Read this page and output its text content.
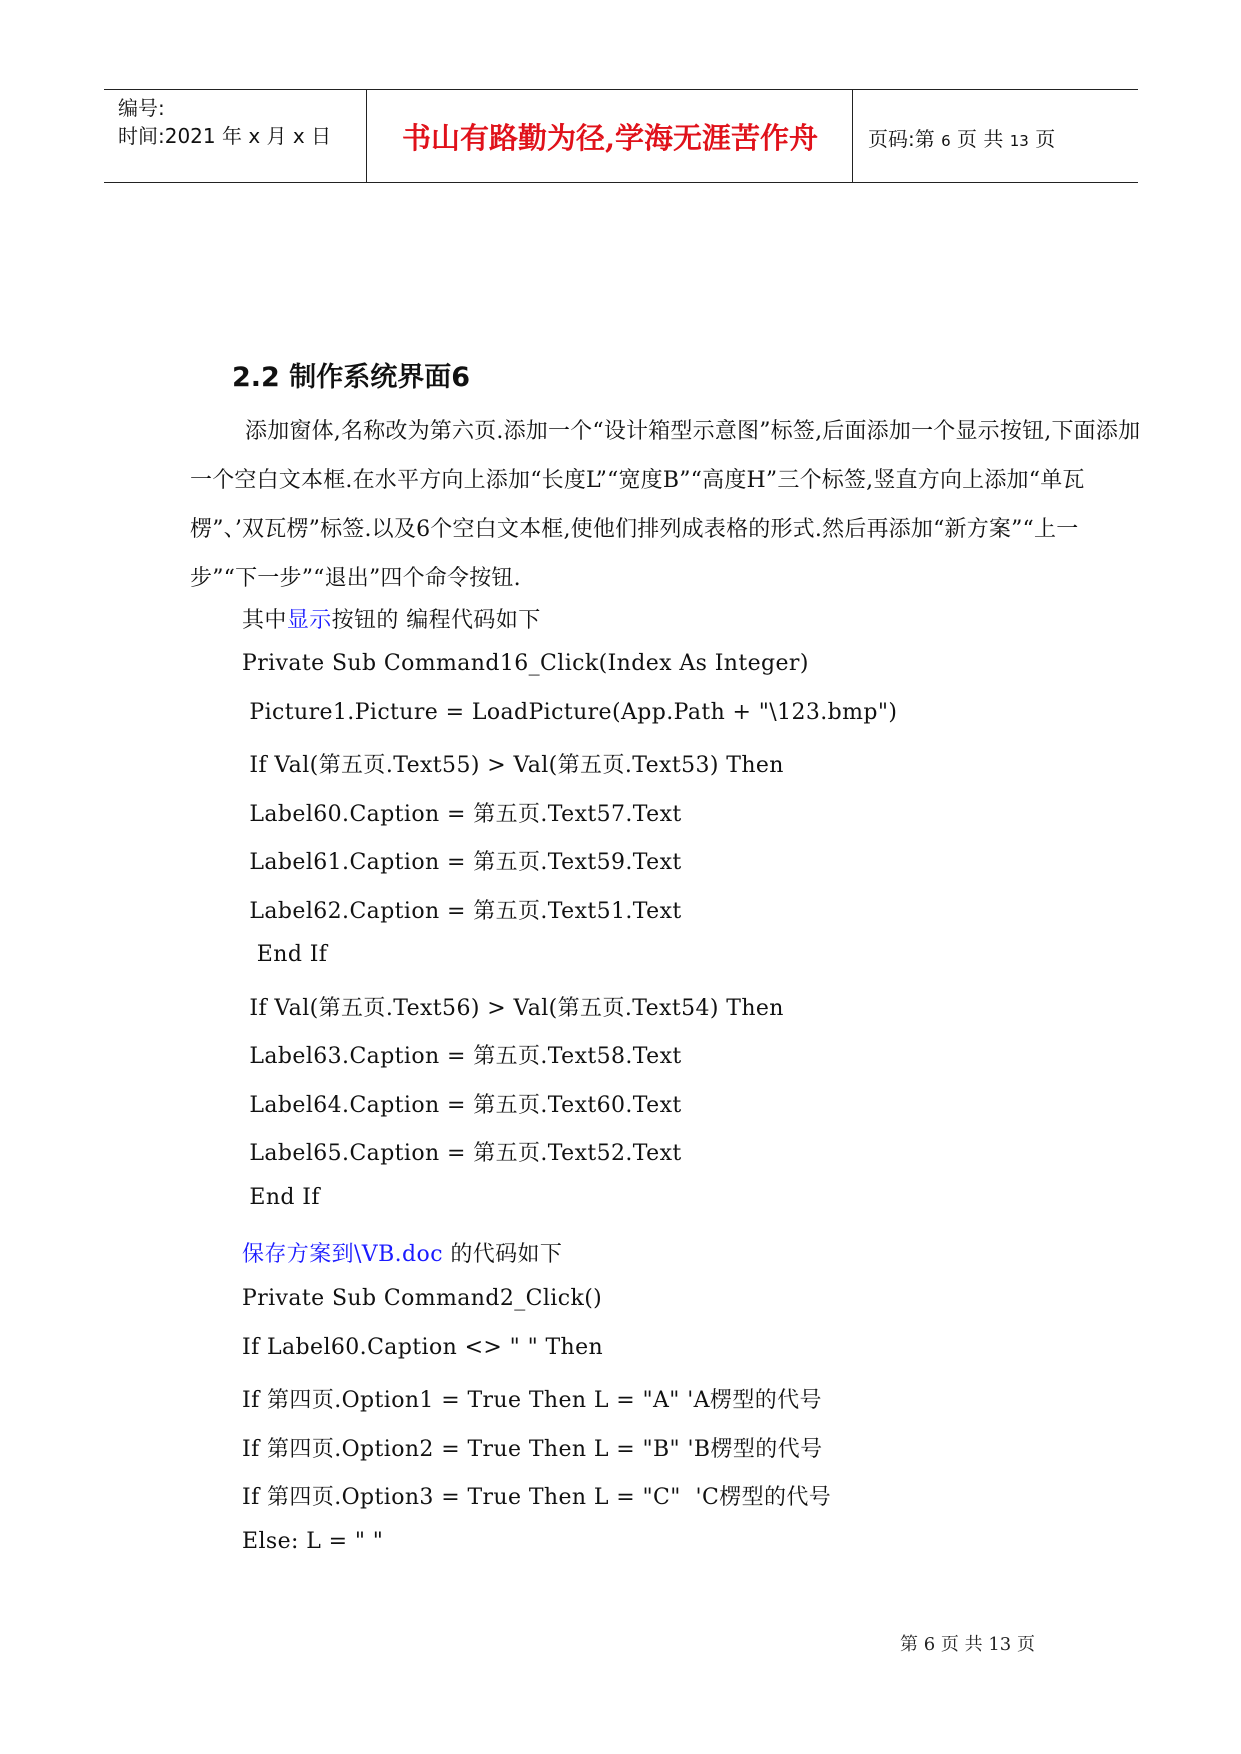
编号:
时间:2021 年 x 月 x 日	书山有路勤为径,学海无涯苦作舟	页码:第 6 页 共 13 页
2.2 制作系统界面6
添加窗体,名称改为第六页.添加一个“设计箱型示意图”标签,后面添加一个显示按钮,下面添加一个空白文本框.在水平方向上添加“长度L”“宽度B”“高度H”三个标签,竖直方向上添加“单瓦楞”、’双瓦楞”标签.以及6个空白文本框,使他们排列成表格的形式.然后再添加“新方案”“上一步”“下一步”“退出”四个命令按钮.
其中显示按钮的 编程代码如下
Private Sub Command16_Click(Index As Integer)
Picture1.Picture = LoadPicture(App.Path + "\123.bmp")
If Val(第五页.Text55) > Val(第五页.Text53) Then
Label60.Caption = 第五页.Text57.Text
Label61.Caption = 第五页.Text59.Text
Label62.Caption = 第五页.Text51.Text
End If
If Val(第五页.Text56) > Val(第五页.Text54) Then
Label63.Caption = 第五页.Text58.Text
Label64.Caption = 第五页.Text60.Text
Label65.Caption = 第五页.Text52.Text
End If
保存方案到\VB.doc 的代码如下
Private Sub Command2_Click()
If Label60.Caption <> " " Then
If 第四页.Option1 = True Then L = "A" 'A楞型的代号
If 第四页.Option2 = True Then L = "B" 'B楞型的代号
If 第四页.Option3 = True Then L = "C"  'C楞型的代号
Else: L = " "
第 6 页 共 13 页
